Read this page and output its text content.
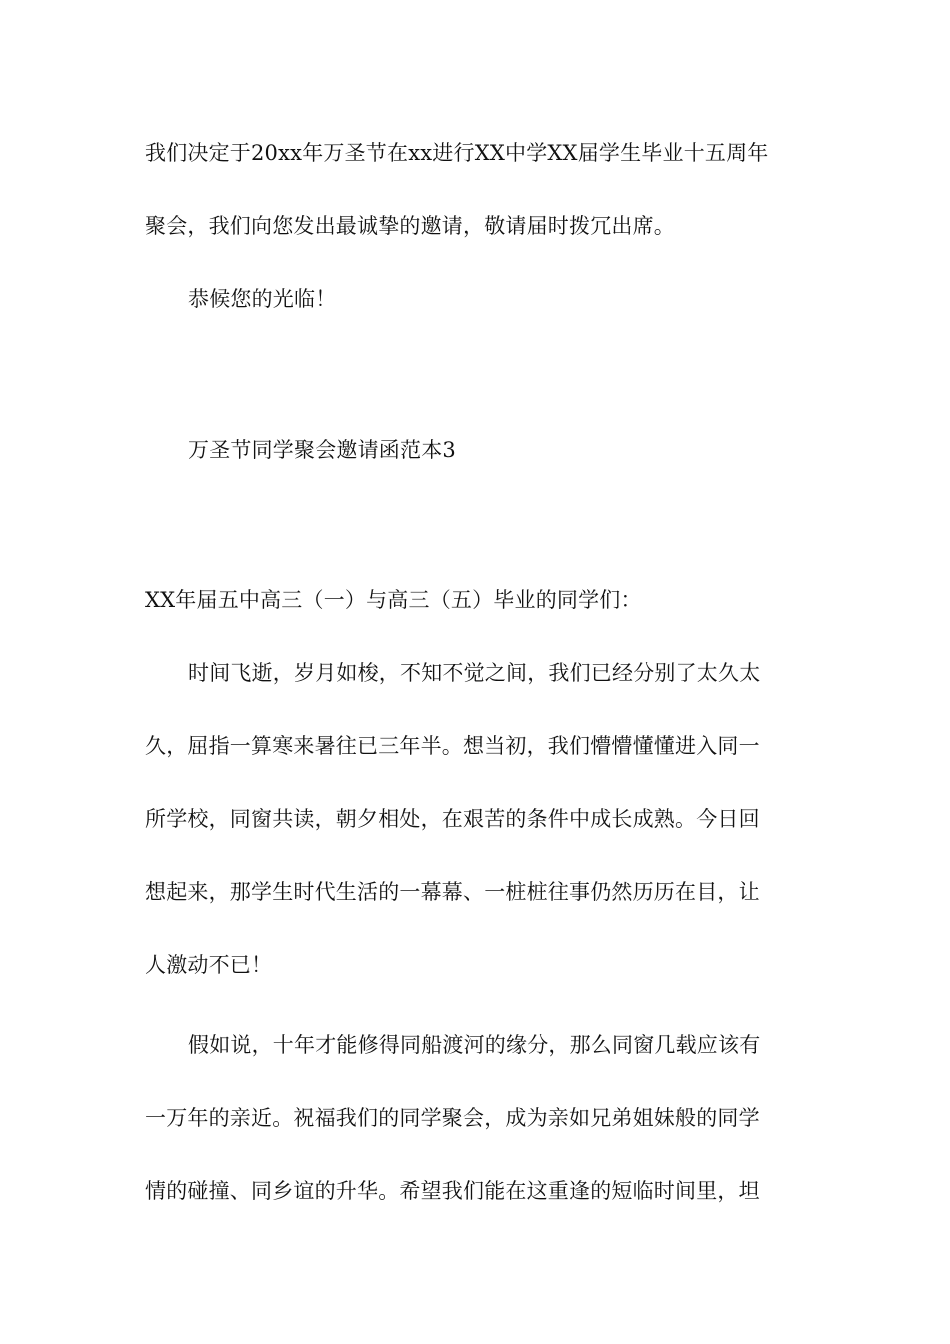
我们决定于20xx年万圣节在xx进行XX中学XX届学生毕业十五周年
聚会，我们向您发出最诚挚的邀请，敬请届时拨冗出席。
恭候您的光临！
万圣节同学聚会邀请函范本3
XX年届五中高三（一）与高三（五）毕业的同学们：
时间飞逝，岁月如梭，不知不觉之间，我们已经分别了太久太
久，屈指一算寒来暑往已三年半。想当初，我们懵懵懂懂进入同一
所学校，同窗共读，朝夕相处，在艰苦的条件中成长成熟。今日回
想起来，那学生时代生活的一幕幕、一桩桩往事仍然历历在目，让
人激动不已！
假如说，十年才能修得同船渡河的缘分，那么同窗几载应该有
一万年的亲近。祝福我们的同学聚会，成为亲如兄弟姐妹般的同学
情的碰撞、同乡谊的升华。希望我们能在这重逢的短临时间里，坦
